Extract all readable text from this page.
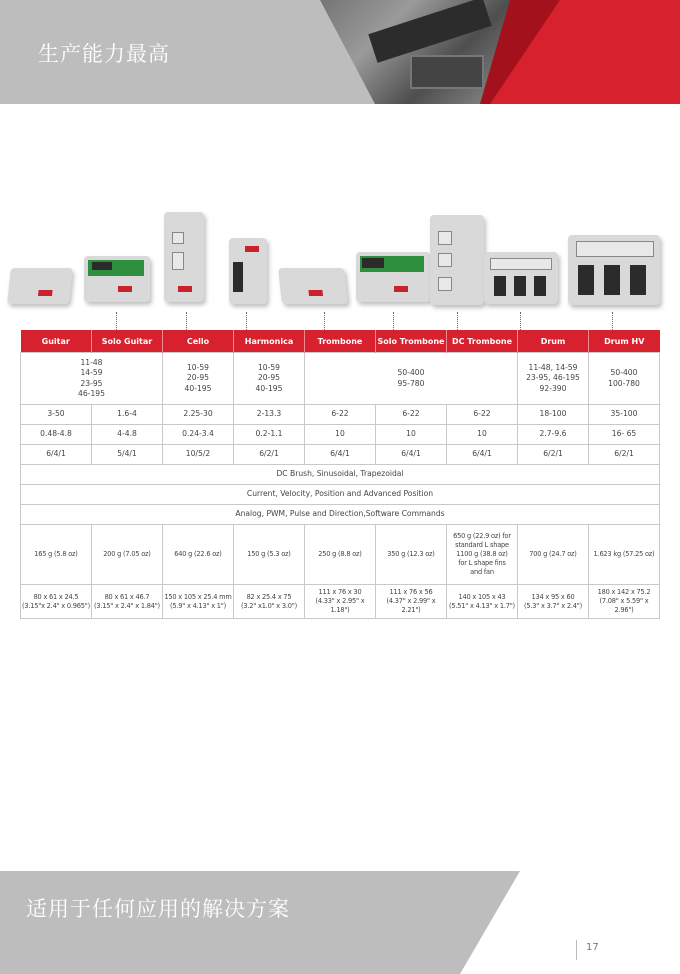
生产能力最高
Guitar	Solo Guitar	Cello	Harmonica	Trombone	Solo Trombone	DC Trombone	Drum	Drum HV
11-48
14-59
23-95
46-195		10-59
20-95
40-195	10-59
20-95
40-195	50-400
95-780			11-48, 14-59
23-95, 46-195
92-390	50-400
100-780
3-50	1.6-4	2.25-30	2-13.3	6-22	6-22	6-22	18-100	35-100
0.48-4.8	4-4.8	0.24-3.4	0.2-1.1	10	10	10	2.7-9.6	16- 65
6/4/1	5/4/1	10/5/2	6/2/1	6/4/1	6/4/1	6/4/1	6/2/1	6/2/1
DC Brush, Sinusoidal, Trapezoidal								
Current, Velocity, Position and Advanced Position								
Analog, PWM, Pulse and Direction,Software Commands								
165 g (5.8 oz)	200 g (7.05 oz)	640 g (22.6 oz)	150 g (5.3 oz)	250 g (8.8 oz)	350 g (12.3 oz)	650 g (22.9 oz) for
standard L shape
1100 g (38.8 oz)
for L shape fins
and fan	700 g (24.7 oz)	1.623 kg (57.25 oz)
80 x 61 x 24.5
(3.15"x 2.4" x 0.965")	80 x 61 x 46.7
(3.15" x 2.4" x 1.84")	150 x 105 x 25.4 mm
(5.9" x 4.13" x 1")	82 x 25.4 x 75
(3.2" x1.0" x 3.0")	111 x 76 x 30
(4.33" x 2.95" x 1.18")	111 x 76 x 56
(4.37" x 2.99" x 2.21")	140 x 105 x 43
(5.51" x 4.13" x 1.7")	134 x 95 x 60
(5.3" x 3.7" x 2.4")	180 x 142 x 75.2
(7.08" x 5.59" x 2.96")
适用于任何应用的解决方案
17
